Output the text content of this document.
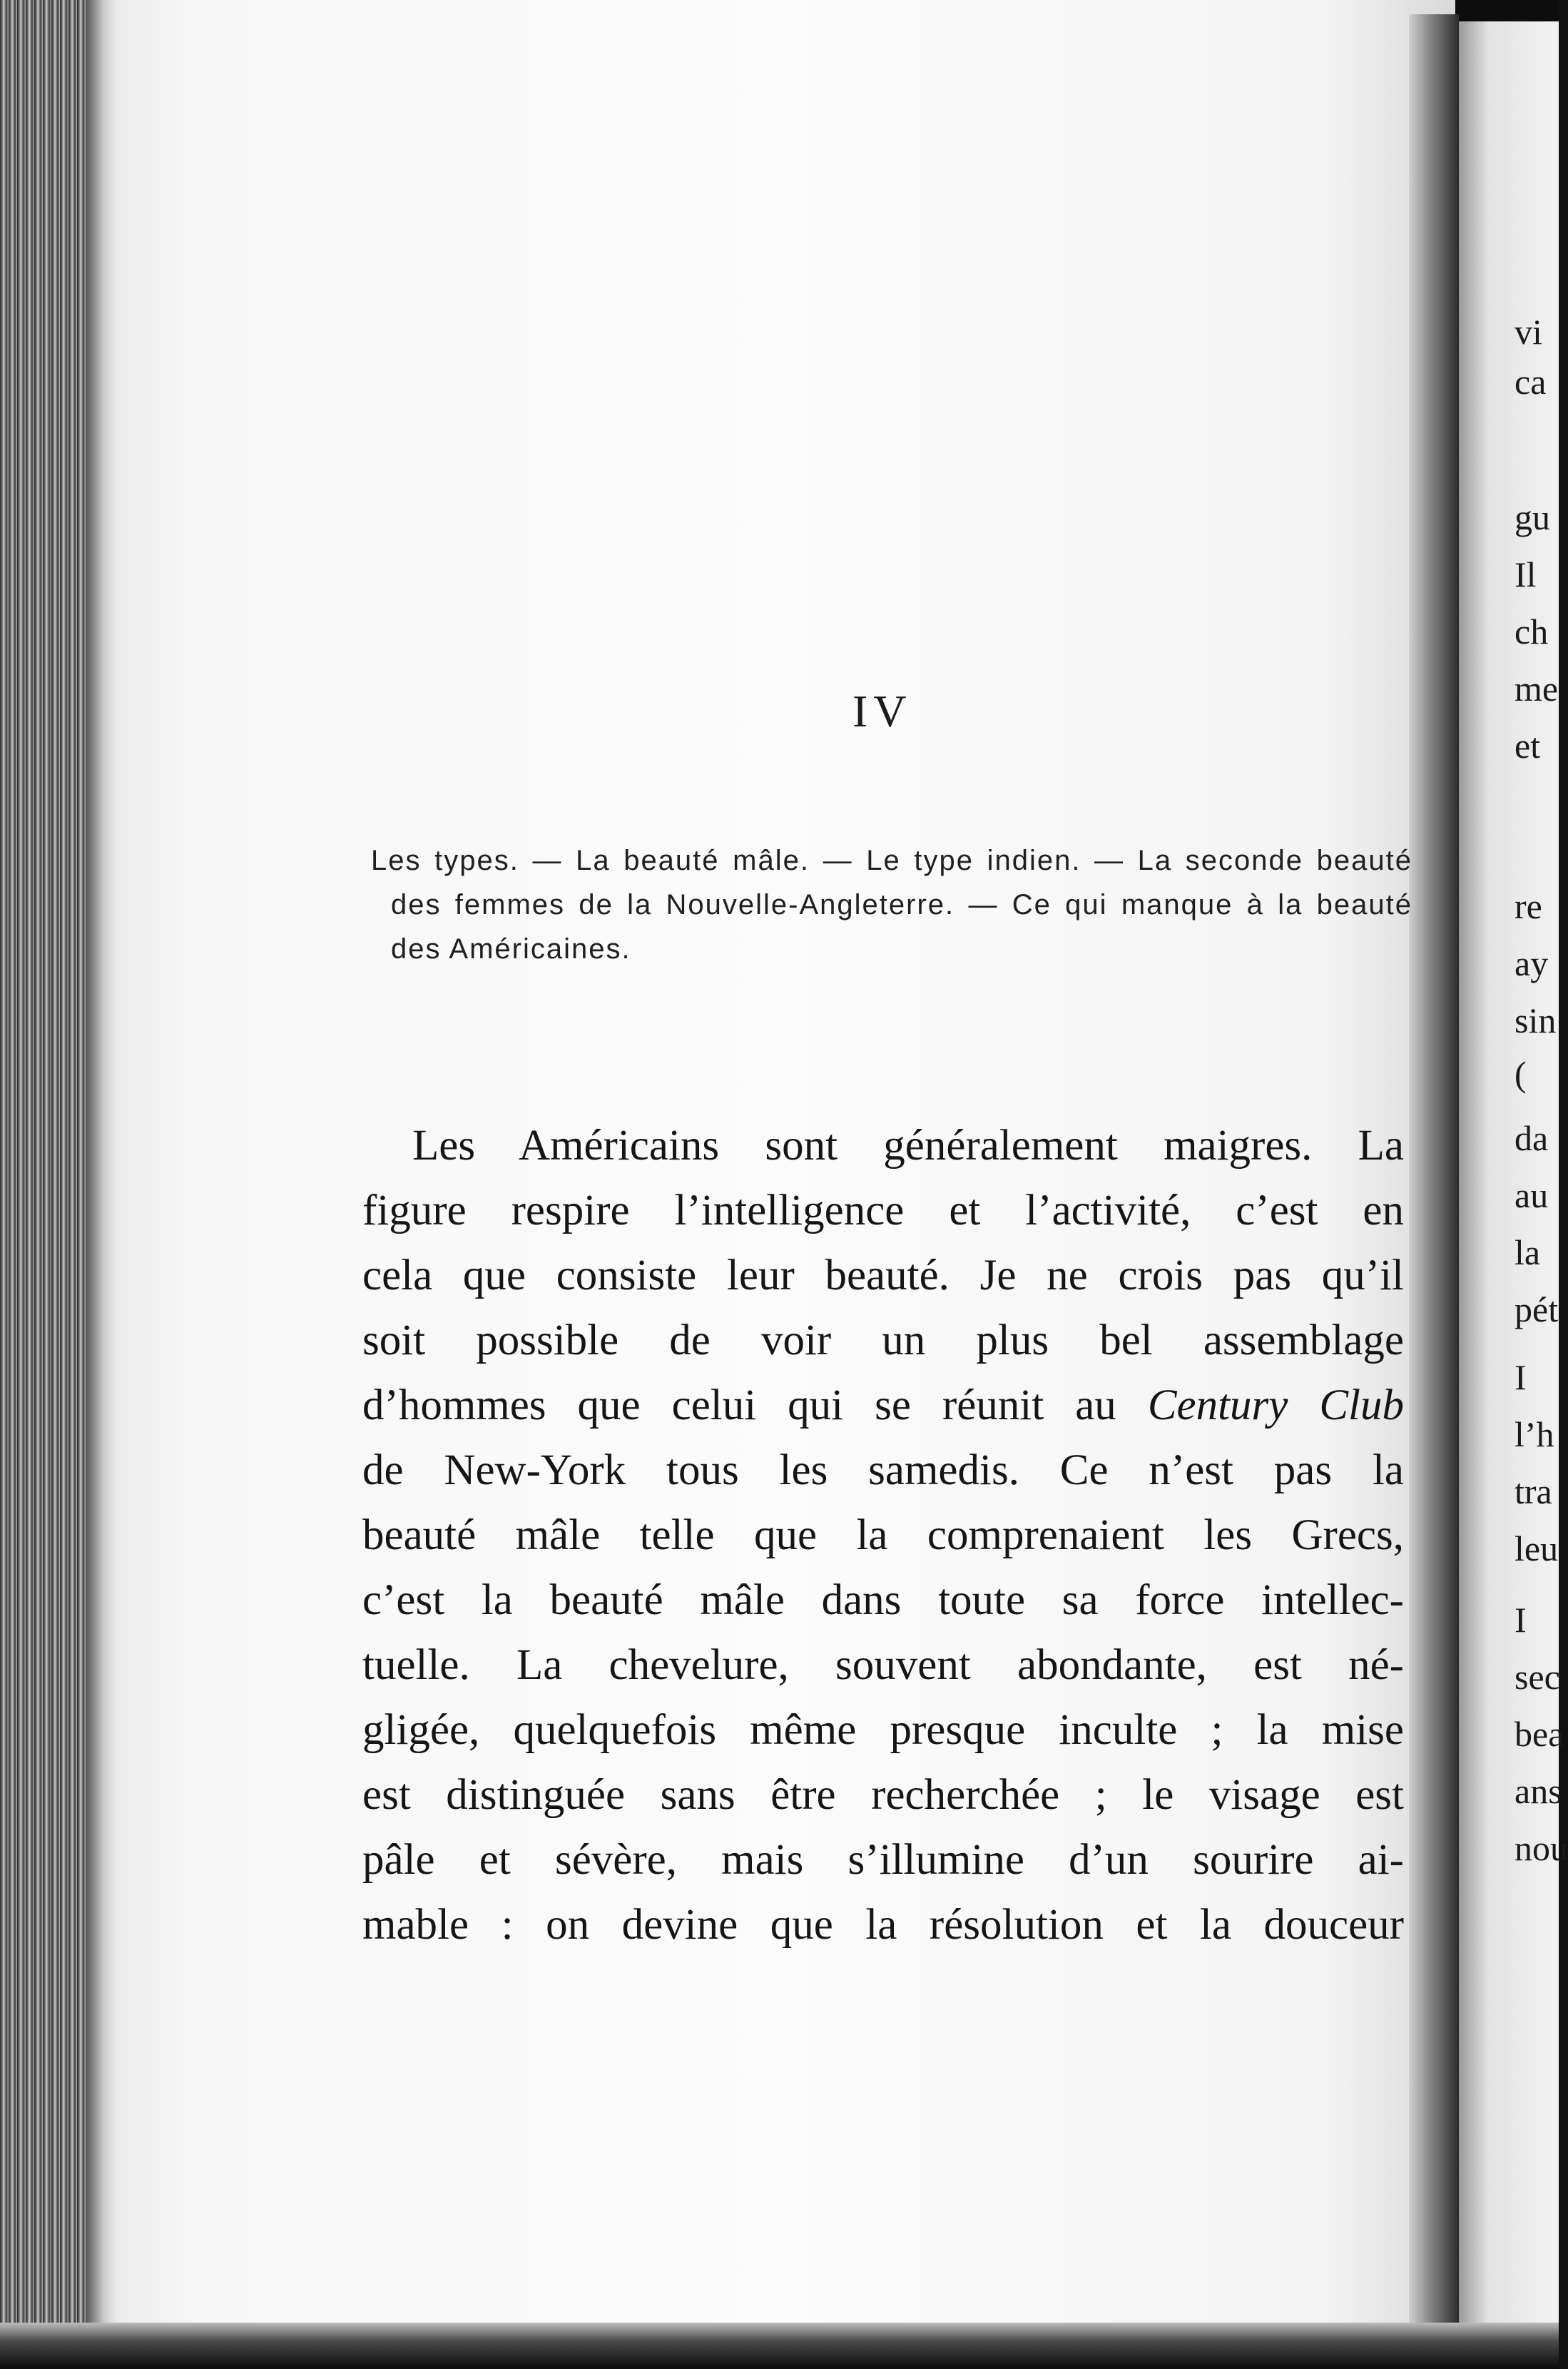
vi

ca

gu

Il

ch

me

et

re

ay

sin

(

da

au

la

pét

I

l’h

tra

leu

I

sec

bea

ans

nou

IV

Les types. — La beauté mâle. — Le type indien. — La seconde beauté des femmes de la Nouvelle-Angleterre. — Ce qui manque à la beauté des Américaines.

Les Américains sont généralement maigres. La
figure respire l’intelligence et l’activité, c’est en
cela que consiste leur beauté. Je ne crois pas qu’il
soit possible de voir un plus bel assemblage
d’hommes que celui qui se réunit au Century Club
de New-York tous les samedis. Ce n’est pas la
beauté mâle telle que la comprenaient les Grecs,
c’est la beauté mâle dans toute sa force intellec-
tuelle. La chevelure, souvent abondante, est né-
gligée, quelquefois même presque inculte ; la mise
est distinguée sans être recherchée ; le visage est
pâle et sévère, mais s’illumine d’un sourire ai-
mable : on devine que la résolution et la douceur
